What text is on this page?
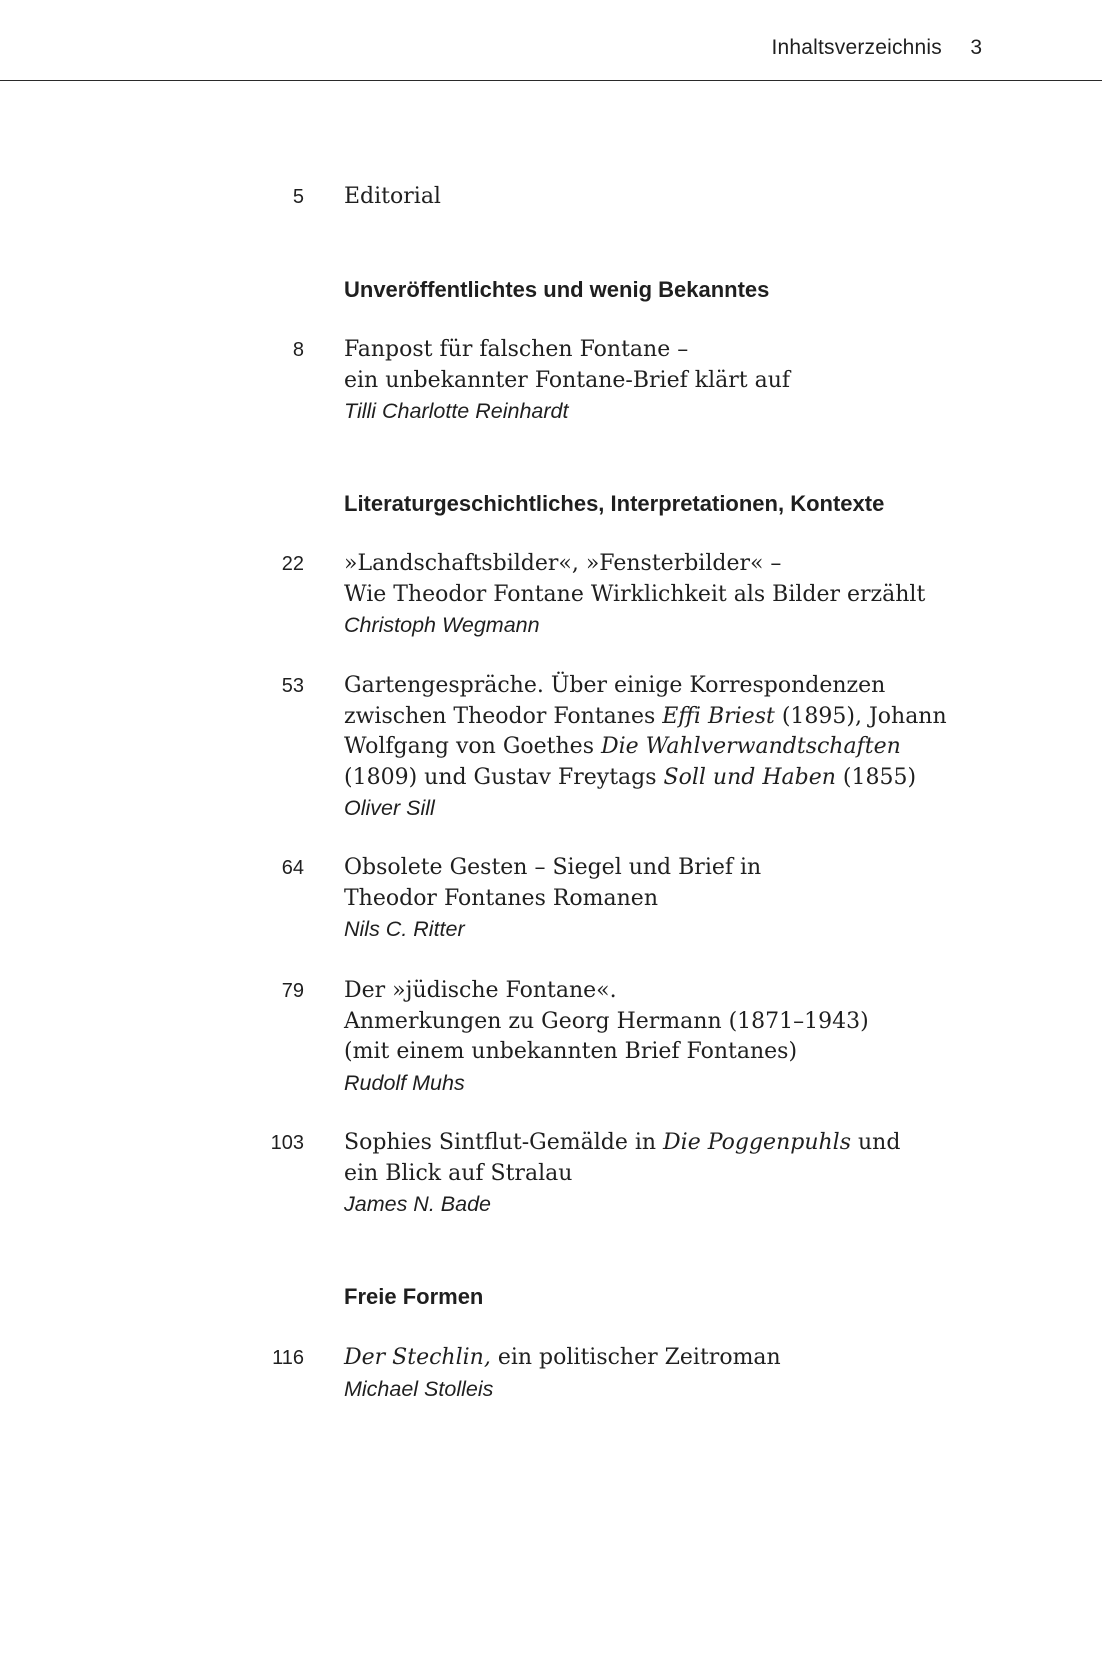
Inhaltsverzeichnis 3
5 Editorial
Unveröffentlichtes und wenig Bekanntes
8 Fanpost für falschen Fontane –
ein unbekannter Fontane-Brief klärt auf
Tilli Charlotte Reinhardt
Literaturgeschichtliches, Interpretationen, Kontexte
22 »Landschaftsbilder«, »Fensterbilder« –
Wie Theodor Fontane Wirklichkeit als Bilder erzählt
Christoph Wegmann
53 Gartengespräche. Über einige Korrespondenzen
zwischen Theodor Fontanes Effi Briest (1895), Johann
Wolfgang von Goethes Die Wahlverwandtschaften
(1809) und Gustav Freytags Soll und Haben (1855)
Oliver Sill
64 Obsolete Gesten – Siegel und Brief in
Theodor Fontanes Romanen
Nils C. Ritter
79 Der »jüdische Fontane«.
Anmerkungen zu Georg Hermann (1871–1943)
(mit einem unbekannten Brief Fontanes)
Rudolf Muhs
103 Sophies Sintflut-Gemälde in Die Poggenpuhls und
ein Blick auf Stralau
James N. Bade
Freie Formen
116 Der Stechlin, ein politischer Zeitroman
Michael Stolleis
